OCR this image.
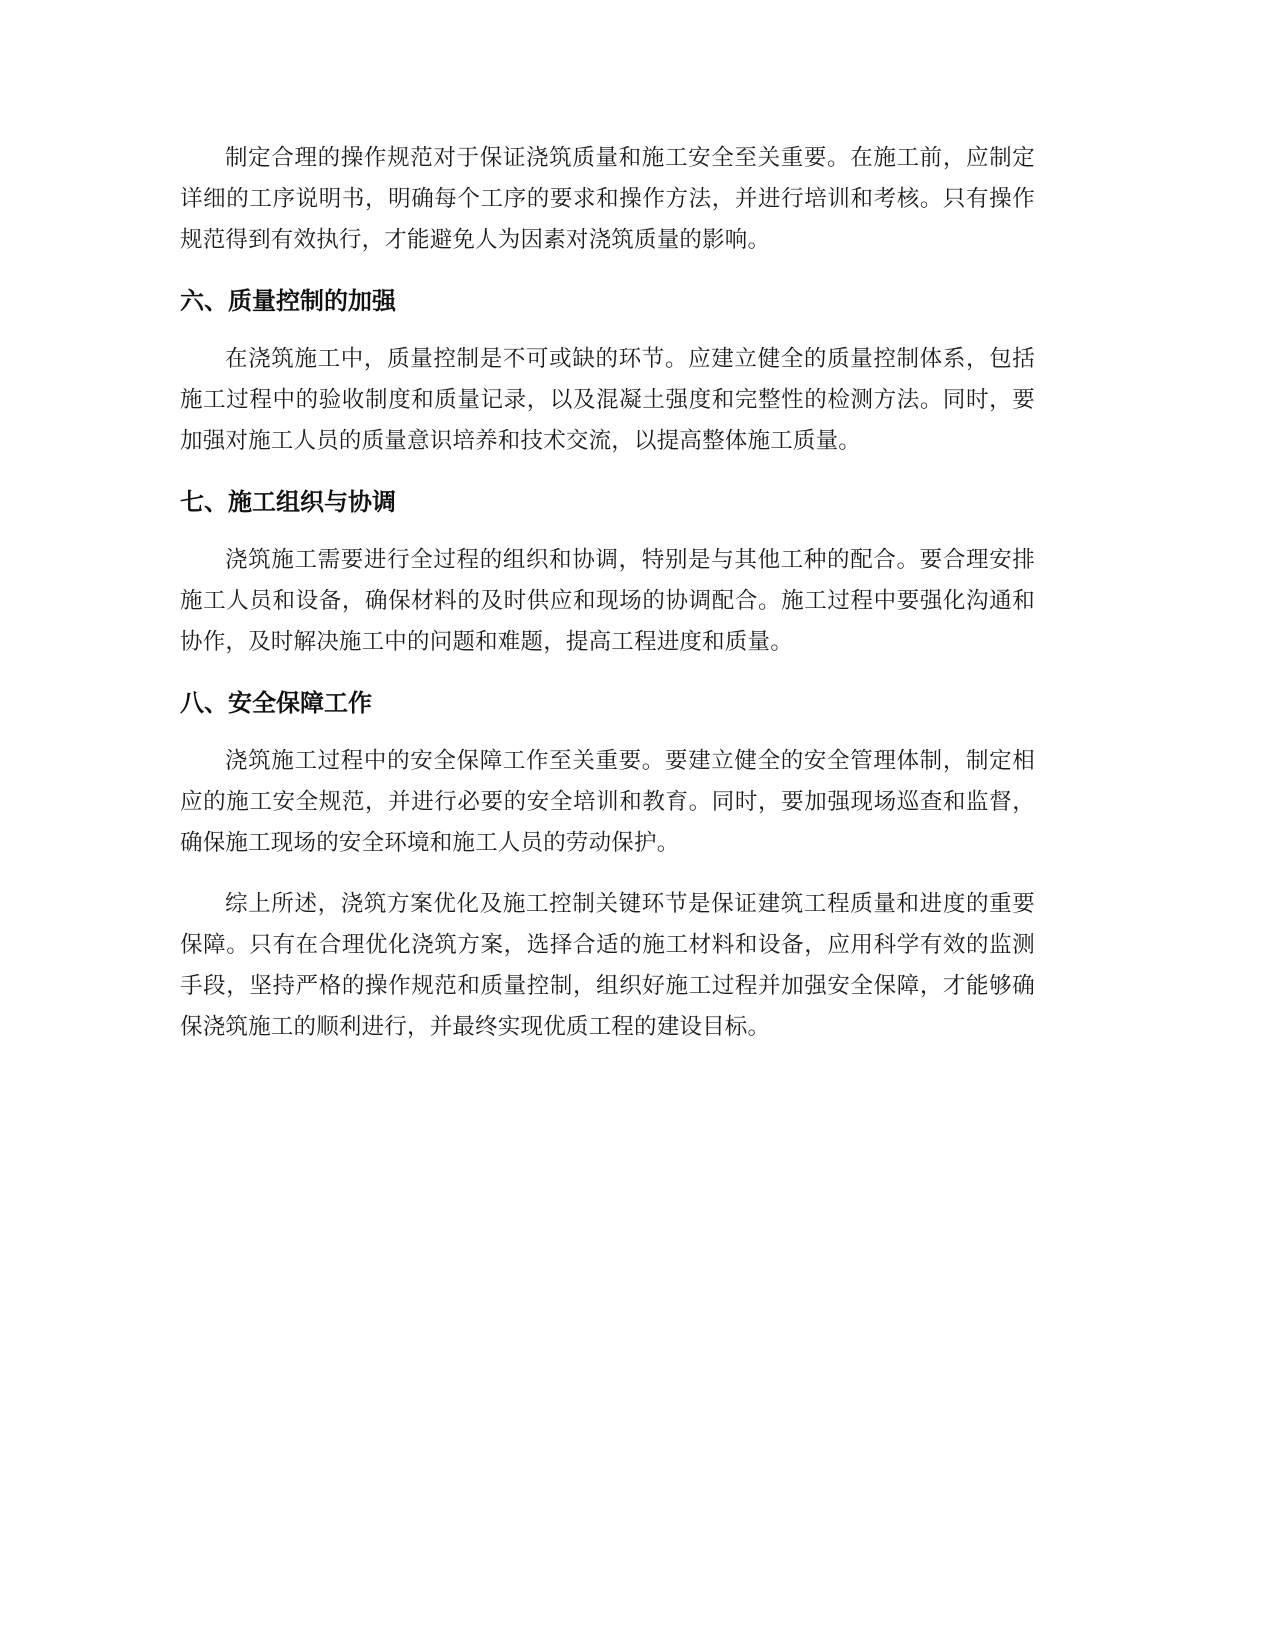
制定合理的操作规范对于保证浇筑质量和施工安全至关重要。在施工前，应制定详细的工序说明书，明确每个工序的要求和操作方法，并进行培训和考核。只有操作规范得到有效执行，才能避免人为因素对浇筑质量的影响。

六、质量控制的加强

在浇筑施工中，质量控制是不可或缺的环节。应建立健全的质量控制体系，包括施工过程中的验收制度和质量记录，以及混凝土强度和完整性的检测方法。同时，要加强对施工人员的质量意识培养和技术交流，以提高整体施工质量。

七、施工组织与协调

浇筑施工需要进行全过程的组织和协调，特别是与其他工种的配合。要合理安排施工人员和设备，确保材料的及时供应和现场的协调配合。施工过程中要强化沟通和协作，及时解决施工中的问题和难题，提高工程进度和质量。

八、安全保障工作

浇筑施工过程中的安全保障工作至关重要。要建立健全的安全管理体制，制定相应的施工安全规范，并进行必要的安全培训和教育。同时，要加强现场巡查和监督，确保施工现场的安全环境和施工人员的劳动保护。

综上所述，浇筑方案优化及施工控制关键环节是保证建筑工程质量和进度的重要保障。只有在合理优化浇筑方案，选择合适的施工材料和设备，应用科学有效的监测手段，坚持严格的操作规范和质量控制，组织好施工过程并加强安全保障，才能够确保浇筑施工的顺利进行，并最终实现优质工程的建设目标。
